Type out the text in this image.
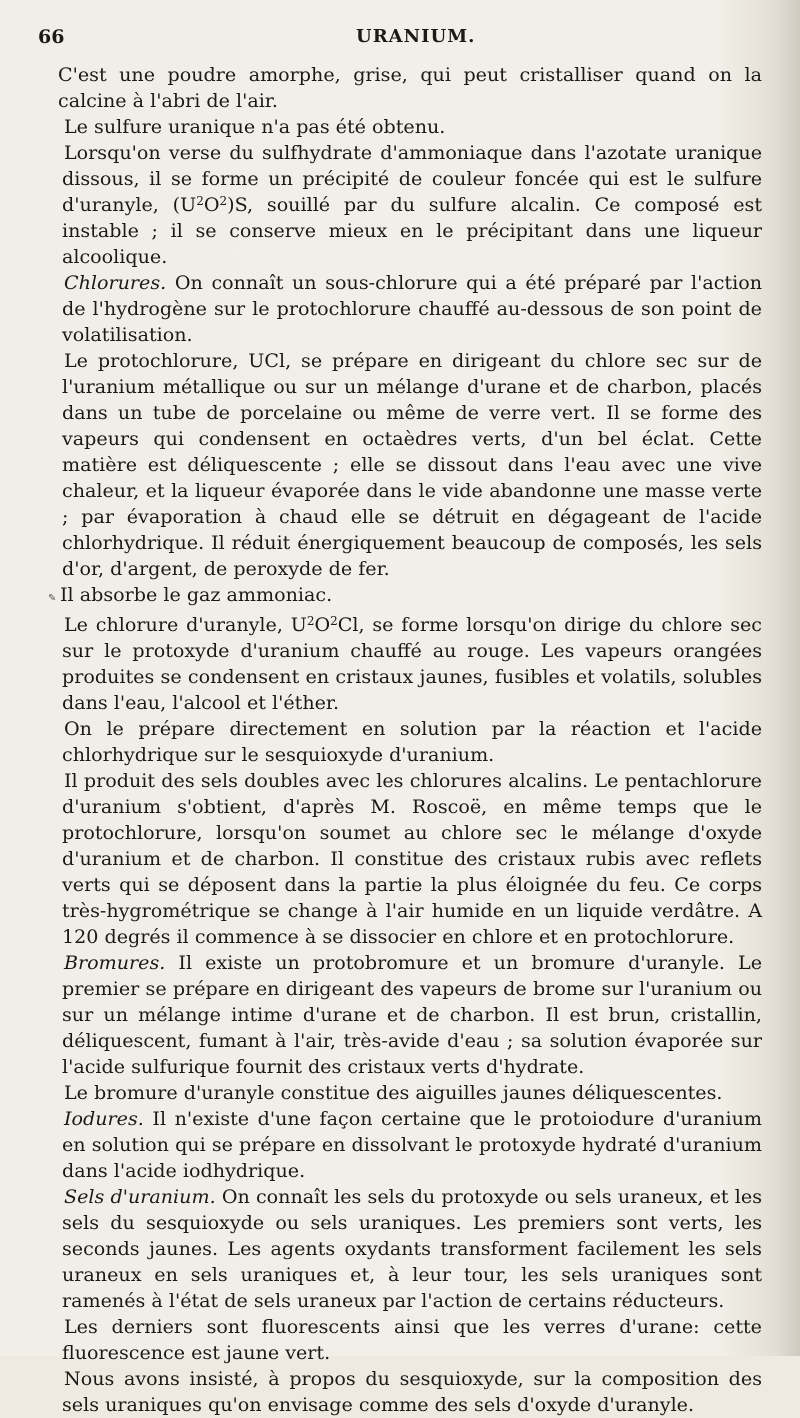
66	URANIUM.

C'est une poudre amorphe, grise, qui peut cristalliser quand on la calcine à l'abri de l'air.

Le sulfure uranique n'a pas été obtenu.

Lorsqu'on verse du sulfhydrate d'ammoniaque dans l'azotate uranique dissous, il se forme un précipité de couleur foncée qui est le sulfure d'uranyle, $(U^2O^2)S$, souillé par du sulfure alcalin. Ce composé est instable ; il se conserve mieux en le précipitant dans une liqueur alcoolique.

Chlorures. On connaît un sous-chlorure qui a été préparé par l'action de l'hydrogène sur le protochlorure chauffé au-dessous de son point de volatilisation.

Le protochlorure, UCl, se prépare en dirigeant du chlore sec sur de l'uranium métallique ou sur un mélange d'urane et de charbon, placés dans un tube de porcelaine ou même de verre vert. Il se forme des vapeurs qui condensent en octaèdres verts, d'un bel éclat. Cette matière est déliquescente ; elle se dissout dans l'eau avec une vive chaleur, et la liqueur évaporée dans le vide abandonne une masse verte ; par évaporation à chaud elle se détruit en dégageant de l'acide chlorhydrique. Il réduit énergiquement beaucoup de composés, les sels d'or, d'argent, de peroxyde de fer.

✎ Il absorbe le gaz ammoniac.

Le chlorure d'uranyle, $U^2O^2Cl$, se forme lorsqu'on dirige du chlore sec sur le protoxyde d'uranium chauffé au rouge. Les vapeurs orangées produites se condensent en cristaux jaunes, fusibles et volatils, solubles dans l'eau, l'alcool et l'éther.

On le prépare directement en solution par la réaction et l'acide chlorhydrique sur le sesquioxyde d'uranium.

Il produit des sels doubles avec les chlorures alcalins. Le pentachlorure d'uranium s'obtient, d'après M. Roscoë, en même temps que le protochlorure, lorsqu'on soumet au chlore sec le mélange d'oxyde d'uranium et de charbon. Il constitue des cristaux rubis avec reflets verts qui se déposent dans la partie la plus éloignée du feu. Ce corps très-hygrométrique se change à l'air humide en un liquide verdâtre. A 120 degrés il commence à se dissocier en chlore et en protochlorure.

Bromures. Il existe un protobromure et un bromure d'uranyle. Le premier se prépare en dirigeant des vapeurs de brome sur l'uranium ou sur un mélange intime d'urane et de charbon. Il est brun, cristallin, déliquescent, fumant à l'air, très-avide d'eau ; sa solution évaporée sur l'acide sulfurique fournit des cristaux verts d'hydrate.

Le bromure d'uranyle constitue des aiguilles jaunes déliquescentes.

Iodures. Il n'existe d'une façon certaine que le protoiodure d'uranium en solution qui se prépare en dissolvant le protoxyde hydraté d'uranium dans l'acide iodhydrique.

Sels d'uranium. On connaît les sels du protoxyde ou sels uraneux, et les sels du sesquioxyde ou sels uraniques. Les premiers sont verts, les seconds jaunes. Les agents oxydants transforment facilement les sels uraneux en sels uraniques et, à leur tour, les sels uraniques sont ramenés à l'état de sels uraneux par l'action de certains réducteurs.

Les derniers sont fluorescents ainsi que les verres d'urane: cette fluorescence est jaune vert.

Nous avons insisté, à propos du sesquioxyde, sur la composition des sels uraniques qu'on envisage comme des sels d'oxyde d'uranyle.
